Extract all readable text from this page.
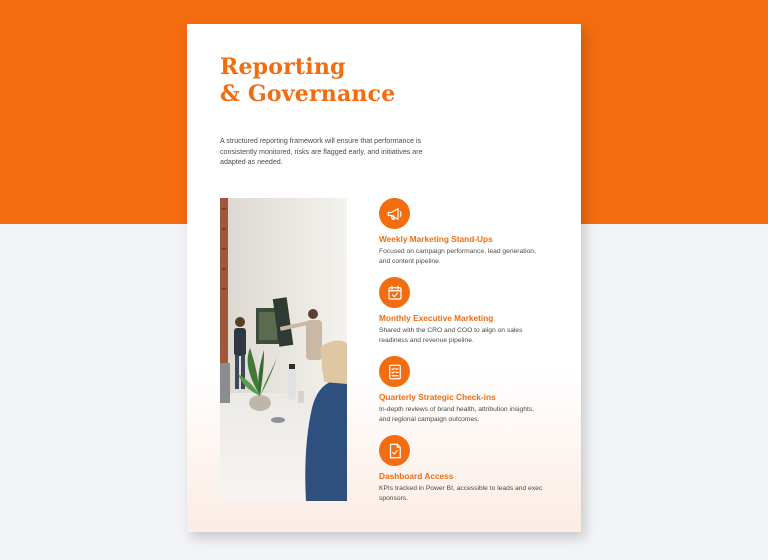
Reporting
& Governance

A structured reporting framework will ensure that performance is consistently monitored, risks are flagged early, and initiatives are adapted as needed.

Weekly Marketing Stand-Ups

Focused on campaign performance, lead generation, and content pipeline.

Monthly Executive Marketing

Shared with the CRO and COO to align on sales readiness and revenue pipeline.

Quarterly Strategic Check-ins

In-depth reviews of brand health, attribution insights, and regional campaign outcomes.

Dashboard Access

KPIs tracked in Power BI, accessible to leads and exec sponsors.
